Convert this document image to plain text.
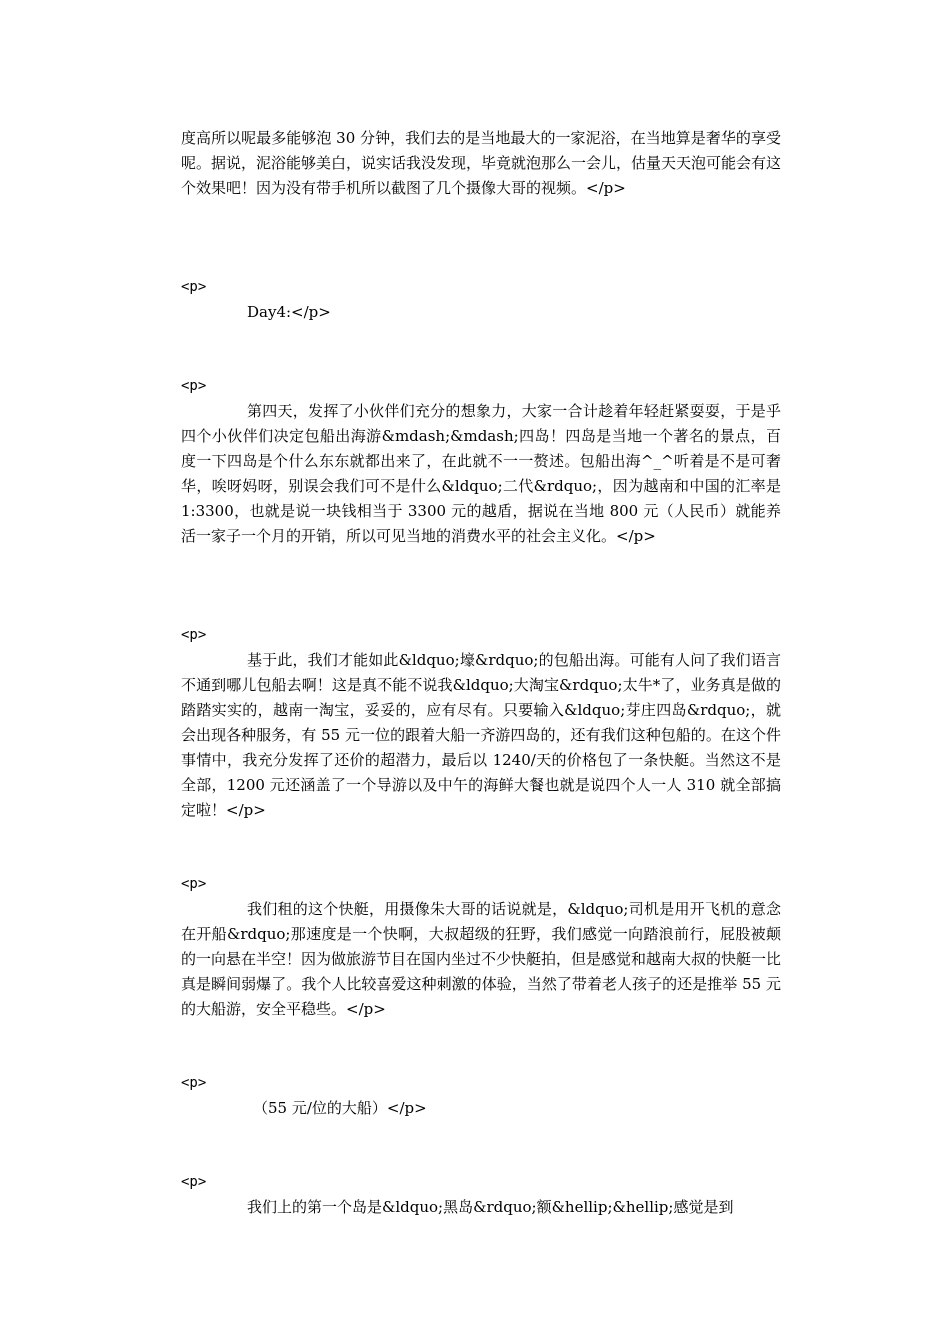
度高所以呢最多能够泡 30 分钟，我们去的是当地最大的一家泥浴，在当地算是奢华的享受呢。据说，泥浴能够美白，说实话我没发现，毕竟就泡那么一会儿，估量天天泡可能会有这个效果吧！因为没有带手机所以截图了几个摄像大哥的视频。</p>

<p>

Day4:</p>

<p>

第四天，发挥了小伙伴们充分的想象力，大家一合计趁着年轻赶紧耍耍，于是乎四个小伙伴们决定包船出海游&mdash;&mdash;四岛！四岛是当地一个著名的景点，百度一下四岛是个什么东东就都出来了，在此就不一一赘述。包船出海^_^听着是不是可奢华，唉呀妈呀，别误会我们可不是什么&ldquo;二代&rdquo;，因为越南和中国的汇率是 1:3300，也就是说一块钱相当于 3300 元的越盾，据说在当地 800 元（人民币）就能养活一家子一个月的开销，所以可见当地的消费水平的社会主义化。</p>

<p>

基于此，我们才能如此&ldquo;壕&rdquo;的包船出海。可能有人问了我们语言不通到哪儿包船去啊！这是真不能不说我&ldquo;大淘宝&rdquo;太牛*了，业务真是做的踏踏实实的，越南一淘宝，妥妥的，应有尽有。只要输入&ldquo;芽庄四岛&rdquo;，就会出现各种服务，有 55 元一位的跟着大船一齐游四岛的，还有我们这种包船的。在这个件事情中，我充分发挥了还价的超潜力，最后以 1240/天的价格包了一条快艇。当然这不是全部，1200 元还涵盖了一个导游以及中午的海鲜大餐也就是说四个人一人 310 就全部搞定啦！</p>

<p>

我们租的这个快艇，用摄像朱大哥的话说就是，&ldquo;司机是用开飞机的意念在开船&rdquo;那速度是一个快啊，大叔超级的狂野，我们感觉一向踏浪前行，屁股被颠的一向悬在半空！因为做旅游节目在国内坐过不少快艇拍，但是感觉和越南大叔的快艇一比真是瞬间弱爆了。我个人比较喜爱这种刺激的体验，当然了带着老人孩子的还是推举 55 元的大船游，安全平稳些。</p>

<p>

（55 元/位的大船）</p>

<p>

我们上的第一个岛是&ldquo;黑岛&rdquo;额&hellip;&hellip;感觉是到
